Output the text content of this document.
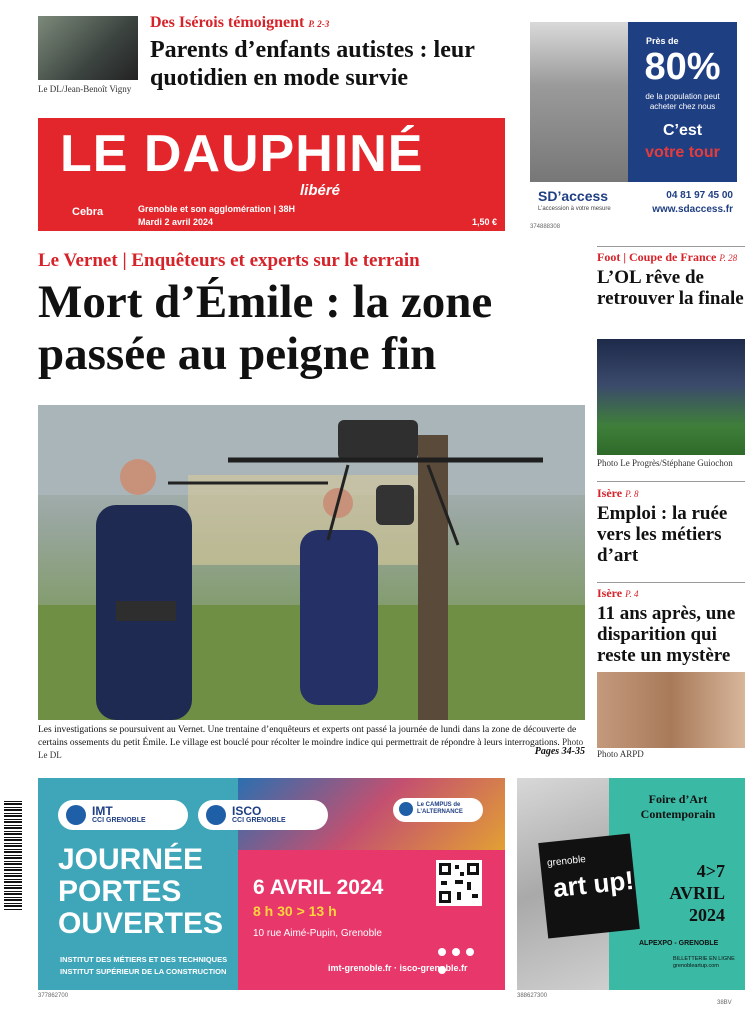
Le DL/Jean-Benoît Vigny
Des Isérois témoignent P. 2-3
Parents d’enfants autistes : leur quotidien en mode survie
LE DAUPHINÉ
libéré
Cebra	Grenoble et son agglomération | 38H
Mardi 2 avril 2024	1,50 €
Près de
80%
de la population peut acheter chez nous
C’est
votre tour
SD’access
L’accession à votre mesure
04 81 97 45 00
www.sdaccess.fr
374888308
Le Vernet | Enquêteurs et experts sur le terrain
Mort d’Émile : la zone passée au peigne fin
Les investigations se poursuivent au Vernet. Une trentaine d’enquêteurs et experts ont passé la journée de lundi dans la zone de découverte de certains ossements du petit Émile. Le village est bouclé pour récolter le moindre indice qui permettrait de répondre à leurs interrogations. Photo Le DL	Pages 34-35
Foot | Coupe de France P. 28
L’OL rêve de retrouver la finale
Photo Le Progrès/Stéphane Guiochon
Isère P. 8
Emploi : la ruée vers les métiers d’art
Isère P. 4
11 ans après, une disparition qui reste un mystère
Photo ARPD
IMT
CCI GRENOBLE
ISCO
CCI GRENOBLE
Le CAMPUS de L’ALTERNANCE
JOURNÉE PORTES OUVERTES
INSTITUT DES MÉTIERS ET DES TECHNIQUES
INSTITUT SUPÉRIEUR DE LA CONSTRUCTION
6 AVRIL 2024
8 h 30 > 13 h
10 rue Aimé-Pupin, Grenoble

imt-grenoble.fr · isco-grenoble.fr
377862700
grenoble
art up!
Foire d’Art Contemporain
4>7
AVRIL
2024
ALPEXPO - GRENOBLE
BILLETTERIE EN LIGNE grenobleartup.com
388627300
38BV
